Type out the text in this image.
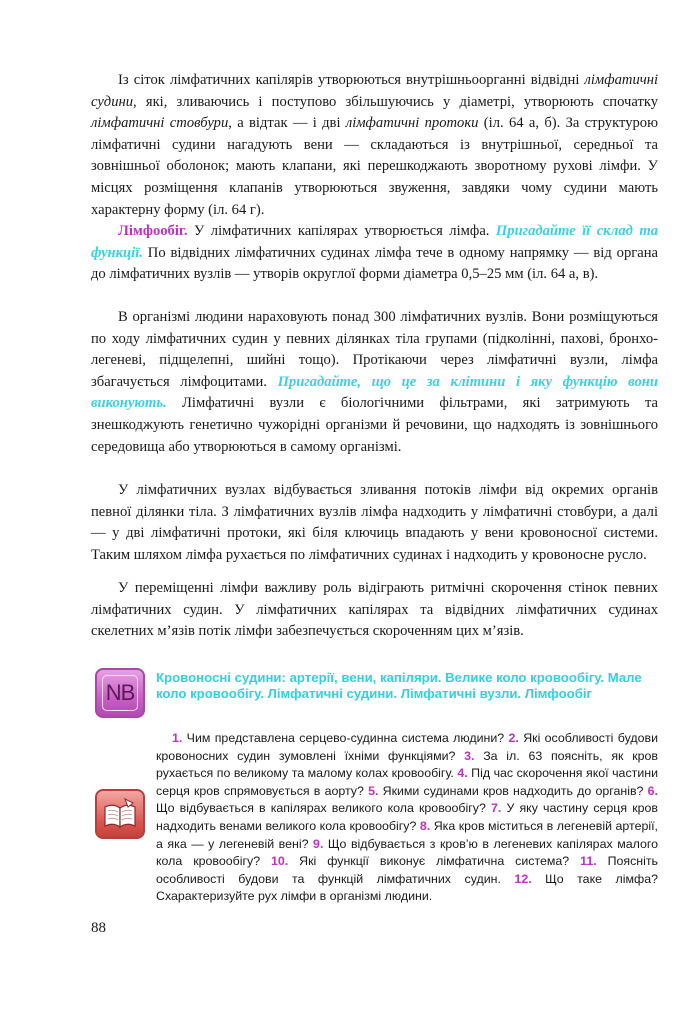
Із сіток лімфатичних капілярів утворюються внутрішньоорганні відвідні лімфатичні судини, які, зливаючись і поступово збільшуючись у діаметрі, утворюють спочатку лімфатичні стовбури, а відтак — і дві лімфатичні протоки (іл. 64 а, б). За структурою лімфатичні судини нагадують вени — складаються із внутрішньої, середньої та зовнішньої оболонок; мають клапани, які перешкоджають зворотному рухові лімфи. У місцях розміщення клапанів утворюються звуження, завдяки чому судини мають характерну форму (іл. 64 г).

Лімфообіг. У лімфатичних капілярах утворюється лімфа. Пригадайте її склад та функції. По відвідних лімфатичних судинах лімфа тече в одному напрямку — від органа до лімфатичних вузлів — утворів округлої форми діаметра 0,5–25 мм (іл. 64 а, в).

В організмі людини нараховують понад 300 лімфатичних вузлів. Вони розміщуються по ходу лімфатичних судин у певних ділянках тіла групами (підколінні, пахові, бронхо-легеневі, підщелепні, шийні тощо). Протікаючи через лімфатичні вузли, лімфа збагачується лімфоцитами. Пригадайте, що це за клітини і яку функцію вони виконують. Лімфатичні вузли є біологічними фільтрами, які затримують та знешкоджують генетично чужорідні організми й речовини, що надходять із зовнішнього середовища або утворюються в самому організмі.

У лімфатичних вузлах відбувається зливання потоків лімфи від окремих органів певної ділянки тіла. З лімфатичних вузлів лімфа надходить у лімфатичні стовбури, а далі — у дві лімфатичні протоки, які біля ключиць впадають у вени кровоносної системи. Таким шляхом лімфа рухається по лімфатичних судинах і надходить у кровоносне русло.

У переміщенні лімфи важливу роль відіграють ритмічні скорочення стінок певних лімфатичних судин. У лімфатичних капілярах та відвідних лімфатичних судинах скелетних м’язів потік лімфи забезпечується скороченням цих м’язів.

NB

Кровоносні судини: артерії, вени, капіляри. Велике коло кровообігу. Мале коло кровообігу. Лімфатичні судини. Лімфатичні вузли. Лімфообіг

1. Чим представлена серцево-судинна система людини? 2. Які особливості будови кровоносних судин зумовлені їхніми функціями? 3. За іл. 63 поясніть, як кров рухається по великому та малому колах кровообігу. 4. Під час скорочення якої частини серця кров спрямовується в аорту? 5. Якими судинами кров надходить до органів? 6. Що відбувається в капілярах великого кола кровообігу? 7. У яку частину серця кров надходить венами великого кола кровообігу? 8. Яка кров міститься в легеневій артерії, а яка — у легеневій вені? 9. Що відбувається з кров’ю в легеневих капілярах малого кола кровообігу? 10. Які функції виконує лімфатична система? 11. Поясніть особливості будови та функцій лімфатичних судин. 12. Що таке лімфа? Схарактеризуйте рух лімфи в організмі людини.

88
